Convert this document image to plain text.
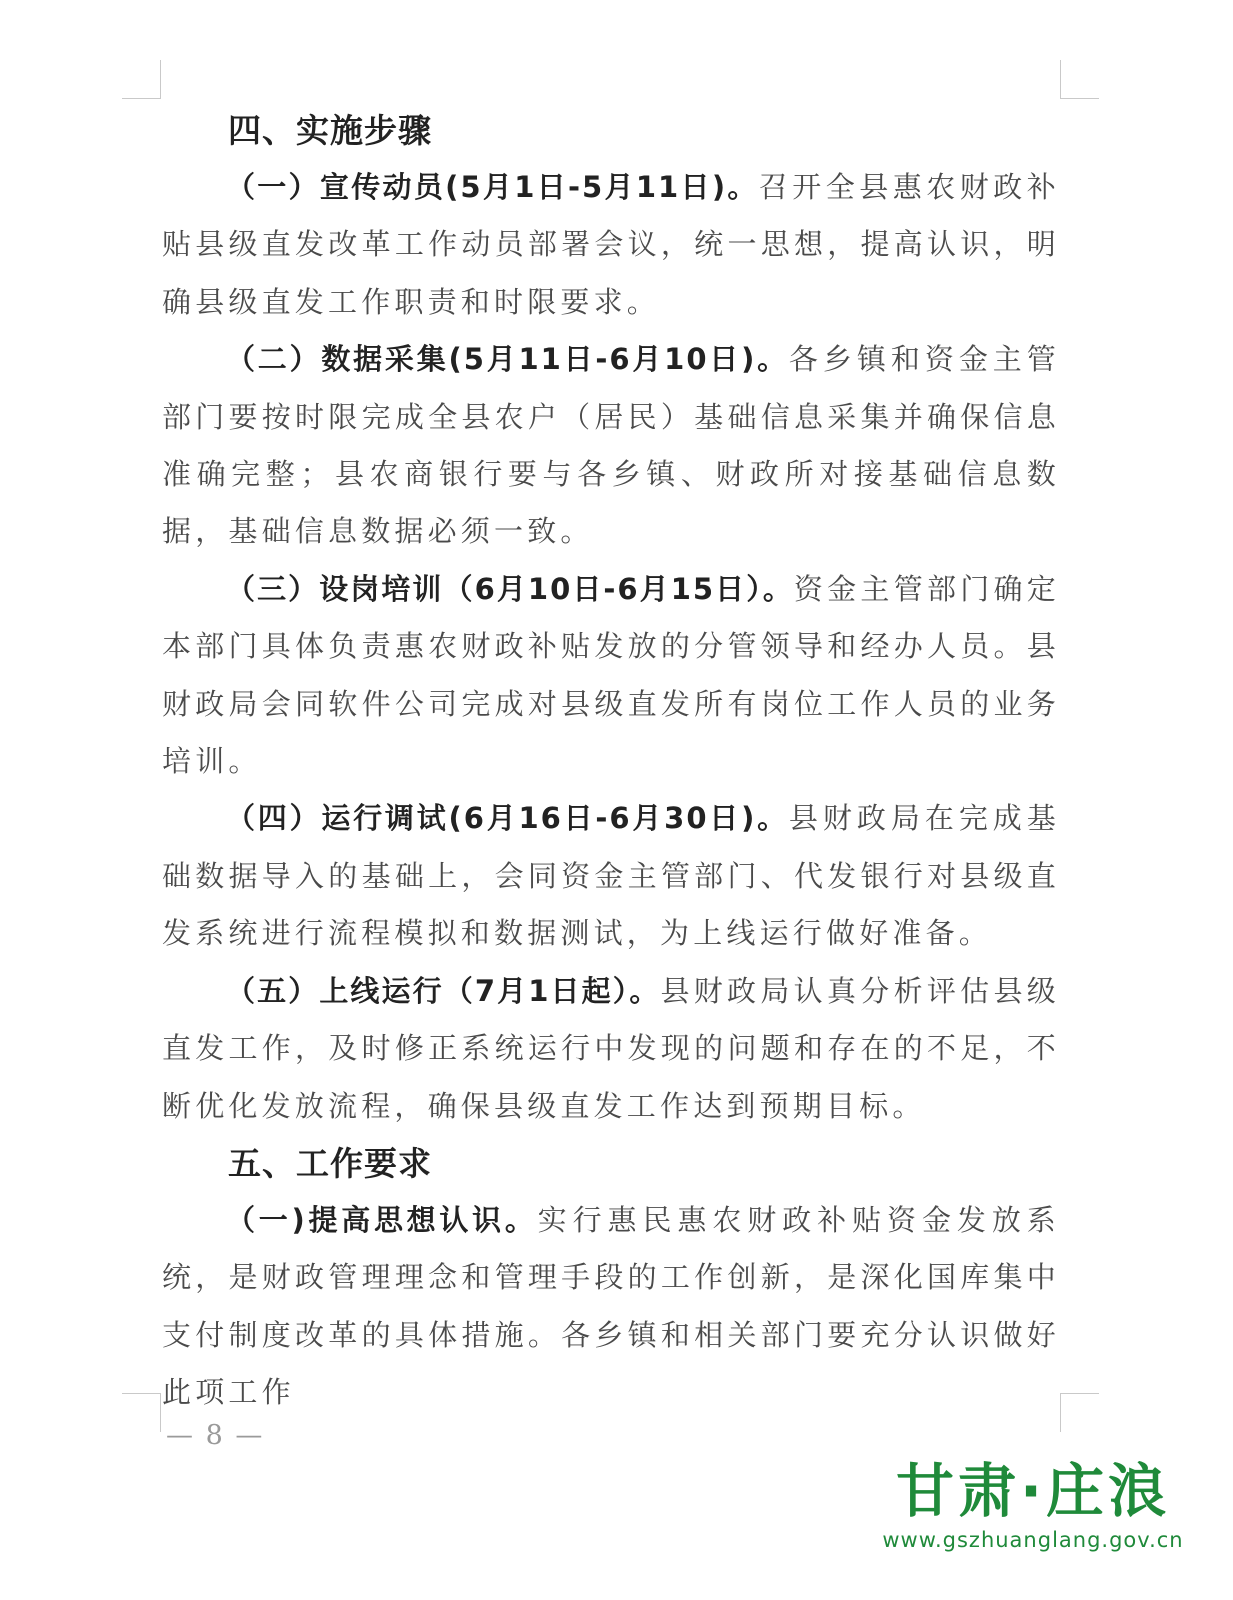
四、实施步骤

（一）宣传动员(5月1日-5月11日)。召开全县惠农财政补贴县级直发改革工作动员部署会议，统一思想，提高认识，明确县级直发工作职责和时限要求。

（二）数据采集(5月11日-6月10日)。各乡镇和资金主管部门要按时限完成全县农户（居民）基础信息采集并确保信息准确完整；县农商银行要与各乡镇、财政所对接基础信息数据，基础信息数据必须一致。

（三）设岗培训（6月10日-6月15日）。资金主管部门确定本部门具体负责惠农财政补贴发放的分管领导和经办人员。县财政局会同软件公司完成对县级直发所有岗位工作人员的业务培训。

（四）运行调试(6月16日-6月30日)。县财政局在完成基础数据导入的基础上，会同资金主管部门、代发银行对县级直发系统进行流程模拟和数据测试，为上线运行做好准备。

（五）上线运行（7月1日起）。县财政局认真分析评估县级直发工作，及时修正系统运行中发现的问题和存在的不足，不断优化发放流程，确保县级直发工作达到预期目标。

五、工作要求

（一)提高思想认识。实行惠民惠农财政补贴资金发放系统，是财政管理理念和管理手段的工作创新，是深化国库集中支付制度改革的具体措施。各乡镇和相关部门要充分认识做好此项工作

— 8 —
甘肃·庄浪
www.gszhuanglang.gov.cn
